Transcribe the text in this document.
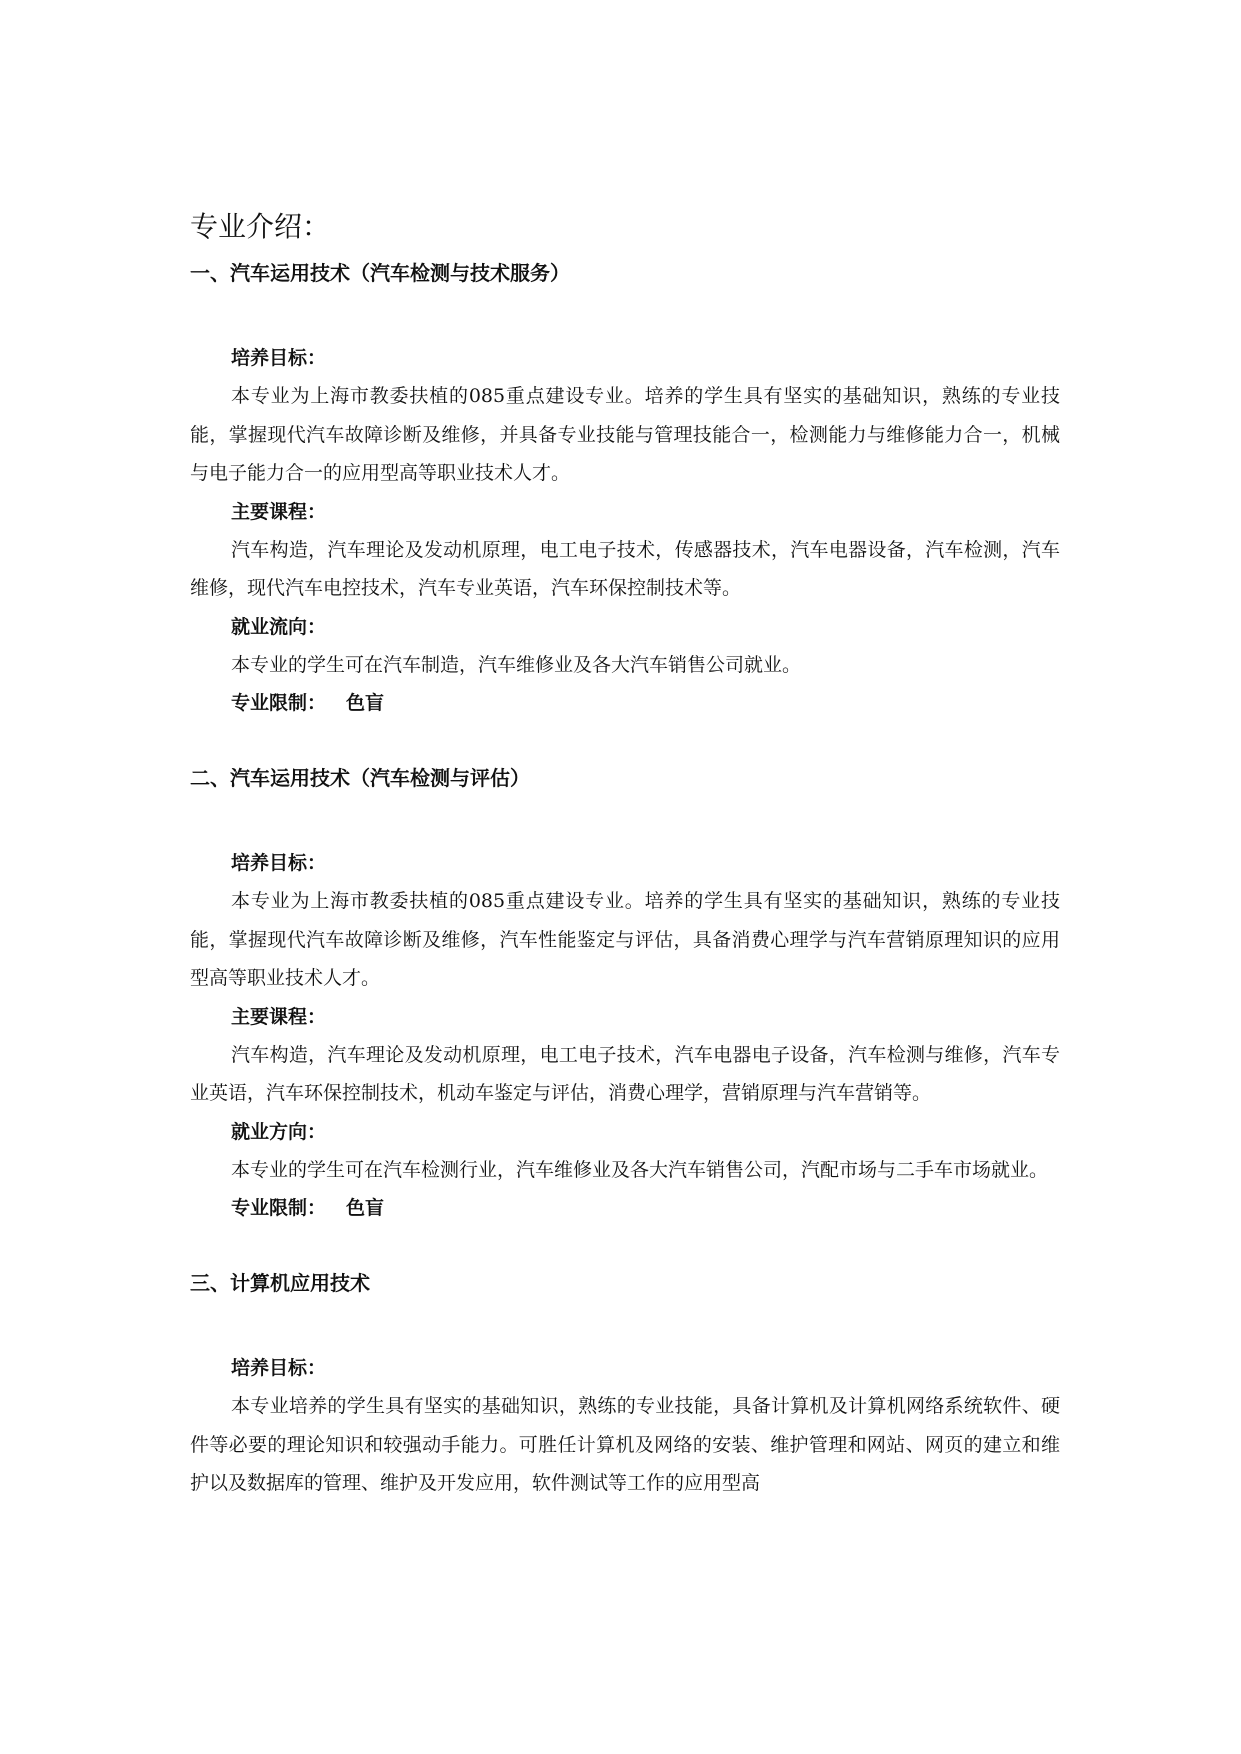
专业介绍：
一、汽车运用技术（汽车检测与技术服务）

培养目标：

本专业为上海市教委扶植的085重点建设专业。培养的学生具有坚实的基础知识，熟练的专业技能，掌握现代汽车故障诊断及维修，并具备专业技能与管理技能合一，检测能力与维修能力合一，机械与电子能力合一的应用型高等职业技术人才。

主要课程：

汽车构造，汽车理论及发动机原理，电工电子技术，传感器技术，汽车电器设备，汽车检测，汽车维修，现代汽车电控技术，汽车专业英语，汽车环保控制技术等。

就业流向：

本专业的学生可在汽车制造，汽车维修业及各大汽车销售公司就业。

专业限制： 色盲

二、汽车运用技术（汽车检测与评估）

培养目标：

本专业为上海市教委扶植的085重点建设专业。培养的学生具有坚实的基础知识，熟练的专业技能，掌握现代汽车故障诊断及维修，汽车性能鉴定与评估，具备消费心理学与汽车营销原理知识的应用型高等职业技术人才。

主要课程：

汽车构造，汽车理论及发动机原理，电工电子技术，汽车电器电子设备，汽车检测与维修，汽车专业英语，汽车环保控制技术，机动车鉴定与评估，消费心理学，营销原理与汽车营销等。

就业方向：

本专业的学生可在汽车检测行业，汽车维修业及各大汽车销售公司，汽配市场与二手车市场就业。

专业限制： 色盲

三、计算机应用技术

培养目标：

本专业培养的学生具有坚实的基础知识，熟练的专业技能，具备计算机及计算机网络系统软件、硬件等必要的理论知识和较强动手能力。可胜任计算机及网络的安装、维护管理和网站、网页的建立和维护以及数据库的管理、维护及开发应用，软件测试等工作的应用型高
